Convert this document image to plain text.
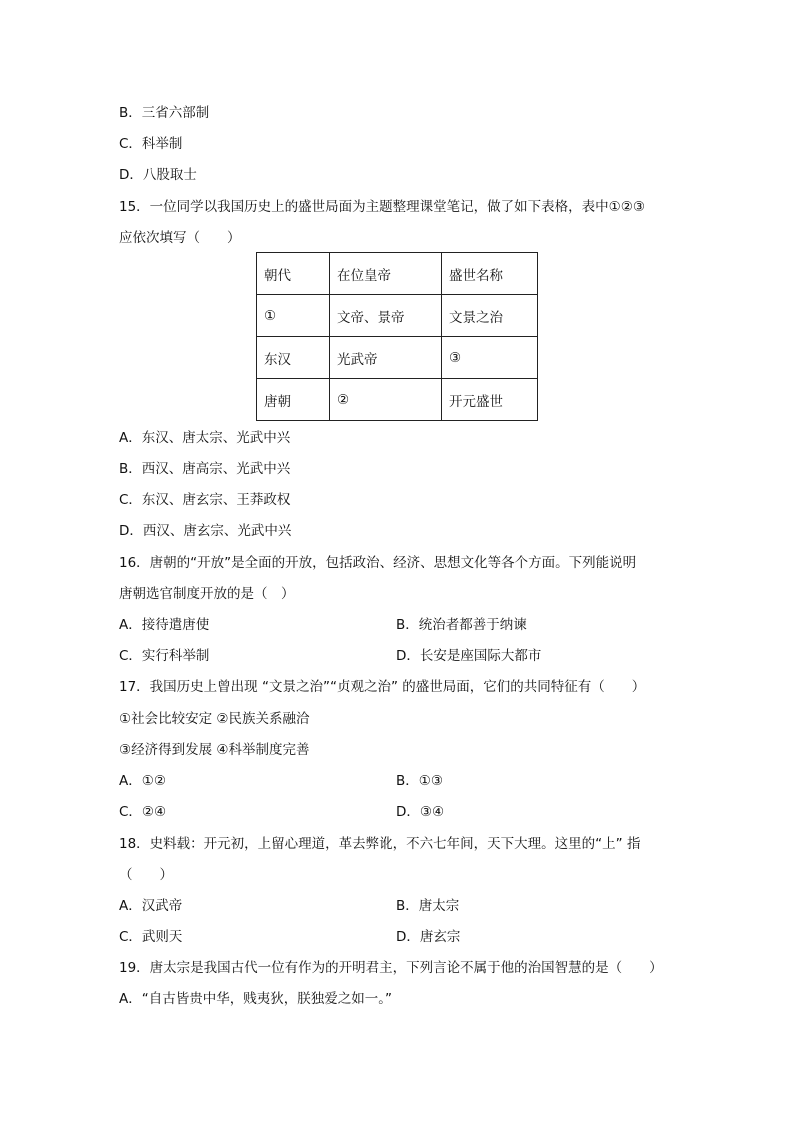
B．三省六部制
C．科举制
D．八股取士
15．一位同学以我国历史上的盛世局面为主题整理课堂笔记，做了如下表格，表中①②③
应依次填写（　　）
朝代	在位皇帝	盛世名称
①	文帝、景帝	文景之治
东汉	光武帝	③
唐朝	②	开元盛世
A．东汉、唐太宗、光武中兴
B．西汉、唐高宗、光武中兴
C．东汉、唐玄宗、王莽政权
D．西汉、唐玄宗、光武中兴
16．唐朝的“开放”是全面的开放，包括政治、经济、思想文化等各个方面。下列能说明
唐朝选官制度开放的是（　）
A．接待遣唐使	B．统治者都善于纳谏
C．实行科举制	D．长安是座国际大都市
17．我国历史上曾出现 “文景之治”“贞观之治” 的盛世局面，它们的共同特征有（　　）
①社会比较安定 ②民族关系融洽
③经济得到发展 ④科举制度完善
A．①②	B．①③
C．②④	D．③④
18．史料载：开元初，上留心理道，革去弊讹，不六七年间，天下大理。这里的“上” 指
（　　）
A．汉武帝	B．唐太宗
C．武则天	D．唐玄宗
19．唐太宗是我国古代一位有作为的开明君主，下列言论不属于他的治国智慧的是（　　）
A．“自古皆贵中华，贱夷狄，朕独爱之如一。”
